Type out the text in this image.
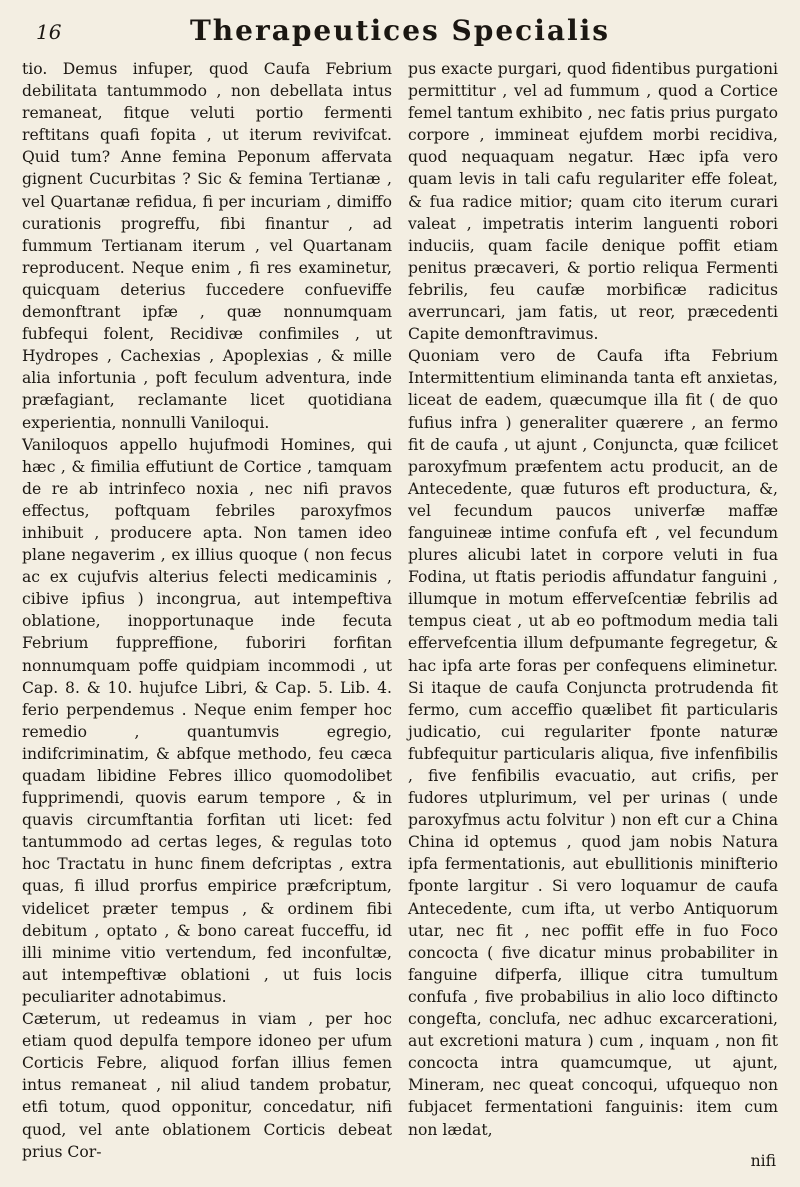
16	Therapeutices Specialis

tio. Demus infuper, quod Caufa Febrium debilitata tantummodo , non debellata intus remaneat, fitque veluti portio fermenti reftitans quafi fopita , ut iterum revivifcat. Quid tum? Anne femina Peponum affervata gignent Cucurbitas ? Sic & femina Tertianæ , vel Quartanæ refidua, fi per incuriam , dimiffo curationis progreffu, fibi finantur , ad fummum Tertianam iterum , vel Quartanam reproducent. Neque enim , fi res examinetur, quicquam deterius fuccedere confueviffe demonftrant ipfæ , quæ nonnumquam fubfequi folent, Recidivæ confimiles , ut Hydropes , Cachexias , Apoplexias , & mille alia infortunia , poft feculum adventura, inde præfagiant, reclamante licet quotidiana experientia, nonnulli Vaniloqui.

Vaniloquos appello hujufmodi Homines, qui hæc , & fimilia effutiunt de Cortice , tamquam de re ab intrinfeco noxia , nec nifi pravos effectus, poftquam febriles paroxyfmos inhibuit , producere apta. Non tamen ideo plane negaverim , ex illius quoque ( non fecus ac ex cujufvis alterius felecti medicaminis , cibive ipfius ) incongrua, aut intempeftiva oblatione, inopportunaque inde fecuta Febrium fuppreffione, fuboriri forfitan nonnumquam poffe quidpiam incommodi , ut Cap. 8. & 10. hujufce Libri, & Cap. 5. Lib. 4. ferio perpendemus . Neque enim femper hoc remedio , quantumvis egregio, indifcriminatim, & abfque methodo, feu cæca quadam libidine Febres illico quomodolibet fupprimendi, quovis earum tempore , & in quavis circumftantia forfitan uti licet: fed tantummodo ad certas leges, & regulas toto hoc Tractatu in hunc finem defcriptas , extra quas, fi illud prorfus empirice præfcriptum, videlicet præter tempus , & ordinem fibi debitum , optato , & bono careat fucceffu, id illi minime vitio vertendum, fed inconfultæ, aut intempeftivæ oblationi , ut fuis locis peculiariter adnotabimus.

Cæterum, ut redeamus in viam , per hoc etiam quod depulfa tempore idoneo per ufum Corticis Febre, aliquod forfan illius femen intus remaneat , nil aliud tandem probatur, etfi totum, quod opponitur, concedatur, nifi quod, vel ante oblationem Corticis debeat prius Cor-

pus exacte purgari, quod fidentibus purgationi permittitur , vel ad fummum , quod a Cortice femel tantum exhibito , nec fatis prius purgato corpore , immineat ejufdem morbi recidiva, quod nequaquam negatur. Hæc ipfa vero quam levis in tali cafu regulariter effe foleat, & fua radice mitior; quam cito iterum curari valeat , impetratis interim languenti robori induciis, quam facile denique poffit etiam penitus præcaveri, & portio reliqua Fermenti febrilis, feu caufæ morbificæ radicitus averruncari, jam fatis, ut reor, præcedenti Capite demonftravimus.

Quoniam vero de Caufa ifta Febrium Intermittentium eliminanda tanta eft anxietas, liceat de eadem, quæcumque illa fit ( de quo fufius infra ) generaliter quærere , an fermo fit de caufa , ut ajunt , Conjuncta, quæ fcilicet paroxyfmum præfentem actu producit, an de Antecedente, quæ futuros eft productura, &, vel fecundum paucos univerfæ maffæ fanguineæ intime confufa eft , vel fecundum plures alicubi latet in corpore veluti in fua Fodina, ut ftatis periodis affundatur fanguini , illumque in motum efferveſcentiæ febrilis ad tempus cieat , ut ab eo poftmodum media tali effervefcentia illum defpumante fegregetur, & hac ipfa arte foras per confequens eliminetur. Si itaque de caufa Conjuncta protrudenda fit fermo, cum acceffio quælibet fit particularis judicatio, cui regulariter fponte naturæ fubfequitur particularis aliqua, five infenfibilis , five fenfibilis evacuatio, aut crifis, per fudores utplurimum, vel per urinas ( unde paroxyfmus actu folvitur ) non eft cur a China China id optemus , quod jam nobis Natura ipfa fermentationis, aut ebullitionis minifterio fponte largitur . Si vero loquamur de caufa Antecedente, cum ifta, ut verbo Antiquorum utar, nec fit , nec poffit effe in fuo Foco concocta ( five dicatur minus probabiliter in fanguine difperfa, illique citra tumultum confufa , five probabilius in alio loco diftincto congefta, conclufa, nec adhuc excarcerationi, aut excretioni matura ) cum , inquam , non fit concocta intra quamcumque, ut ajunt, Mineram, nec queat concoqui, ufquequo non fubjacet fermentationi fanguinis: item cum non lædat,

nifi
